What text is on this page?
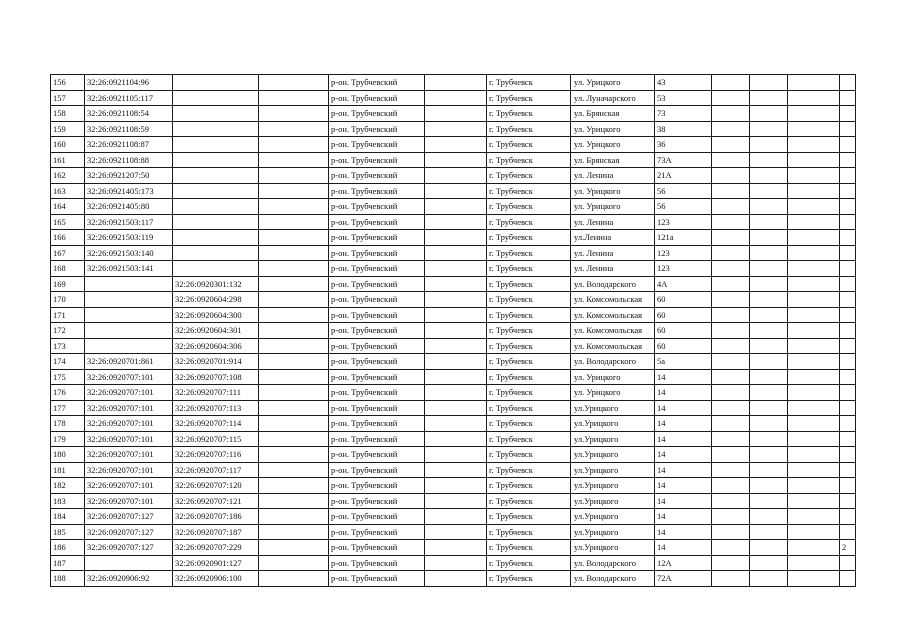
156	32:26:0921104:96			р-он. Трубчевский		г. Трубчевск	ул. Урицкого	43				
157	32:26:0921105:117			р-он. Трубчевский		г. Трубчевск	ул. Луначарского	53				
158	32:26:0921108:54			р-он. Трубчевский		г. Трубчевск	ул. Брянская	73				
159	32:26:0921108:59			р-он. Трубчевский		г. Трубчевск	ул. Урицкого	38				
160	32:26:0921108:87			р-он. Трубчевский		г. Трубчевск	ул. Урицкого	36				
161	32:26:0921108:88			р-он. Трубчевский		г. Трубчевск	ул. Брянская	73А				
162	32:26:0921207:50			р-он. Трубчевский		г. Трубчевск	ул. Ленина	21А				
163	32:26:0921405:173			р-он. Трубчевский		г. Трубчевск	ул. Урицкого	56				
164	32:26:0921405:80			р-он. Трубчевский		г. Трубчевск	ул. Урицкого	56				
165	32:26:0921503:117			р-он. Трубчевский		г. Трубчевск	ул. Ленина	123				
166	32:26:0921503:119			р-он. Трубчевский		г. Трубчевск	ул.Ленина	121а				
167	32:26:0921503:140			р-он. Трубчевский		г. Трубчевск	ул. Ленина	123				
168	32:26:0921503:141			р-он. Трубчевский		г. Трубчевск	ул. Ленина	123				
169		32:26:0920301:132		р-он. Трубчевский		г. Трубчевск	ул. Володарского	4А				
170		32:26:0920604:298		р-он. Трубчевский		г. Трубчевск	ул. Комсомольская	60				
171		32:26:0920604:300		р-он. Трубчевский		г. Трубчевск	ул. Комсомольская	60				
172		32:26:0920604:301		р-он. Трубчевский		г. Трубчевск	ул. Комсомольская	60				
173		32:26:0920604:306		р-он. Трубчевский		г. Трубчевск	ул. Комсомольская	60				
174	32:26:0920701:861	32:26:0920701:914		р-он. Трубчевский		г. Трубчевск	ул. Володарского	5а				
175	32:26:0920707:101	32:26:0920707:108		р-он. Трубчевский		г. Трубчевск	ул. Урицкого	14				
176	32:26:0920707:101	32:26:0920707:111		р-он. Трубчевский		г. Трубчевск	ул. Урицкого	14				
177	32:26:0920707:101	32:26:0920707:113		р-он. Трубчевский		г. Трубчевск	ул.Урицкого	14				
178	32:26:0920707:101	32:26:0920707:114		р-он. Трубчевский		г. Трубчевск	ул.Урицкого	14				
179	32:26:0920707:101	32:26:0920707:115		р-он. Трубчевский		г. Трубчевск	ул.Урицкого	14				
180	32:26:0920707:101	32:26:0920707:116		р-он. Трубчевский		г. Трубчевск	ул.Урицкого	14				
181	32:26:0920707:101	32:26:0920707:117		р-он. Трубчевский		г. Трубчевск	ул.Урицкого	14				
182	32:26:0920707:101	32:26:0920707:120		р-он. Трубчевский		г. Трубчевск	ул.Урицкого	14				
183	32:26:0920707:101	32:26:0920707:121		р-он. Трубчевский		г. Трубчевск	ул.Урицкого	14				
184	32:26:0920707:127	32:26:0920707:186		р-он. Трубчевский		г. Трубчевск	ул.Урицкого	14				
185	32:26:0920707:127	32:26:0920707:187		р-он. Трубчевский		г. Трубчевск	ул.Урицкого	14				
186	32:26:0920707:127	32:26:0920707:229		р-он. Трубчевский		г. Трубчевск	ул.Урицкого	14				2
187		32:26:0920901:127		р-он. Трубчевский		г. Трубчевск	ул. Володарского	12А				
188	32:26:0920906:92	32:26:0920906:100		р-он. Трубчевский		г. Трубчевск	ул. Володарского	72А				
